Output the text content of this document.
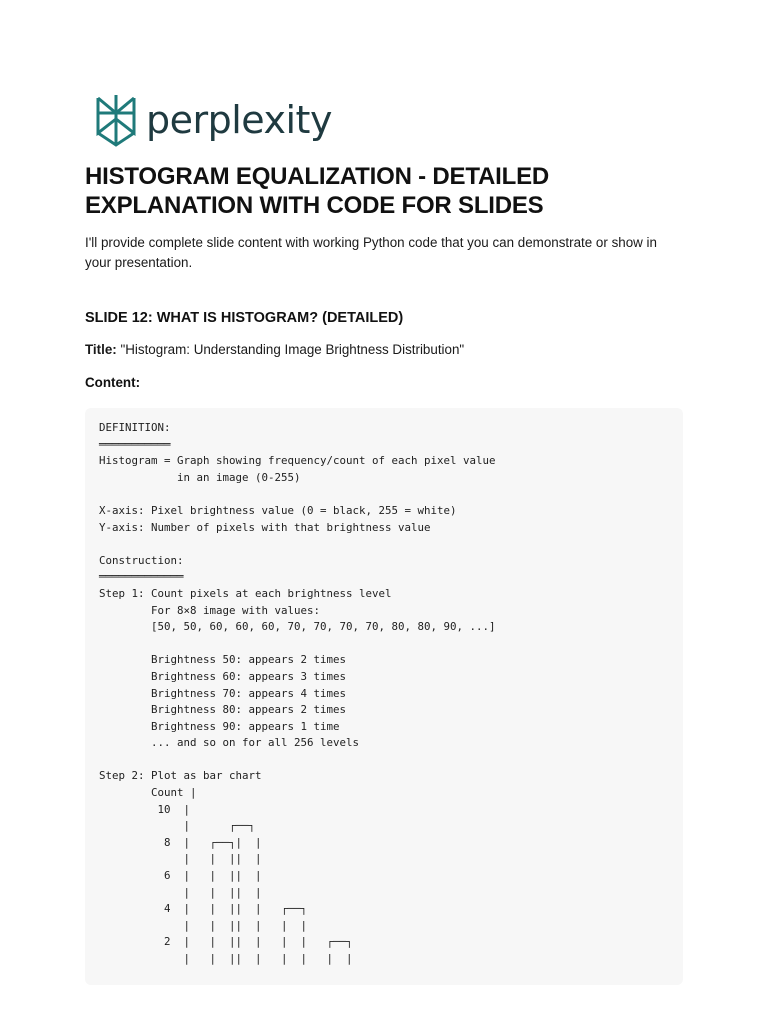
perplexity
HISTOGRAM EQUALIZATION - DETAILED EXPLANATION WITH CODE FOR SLIDES

I'll provide complete slide content with working Python code that you can demonstrate or show in your presentation.

SLIDE 12: WHAT IS HISTOGRAM? (DETAILED)

Title: "Histogram: Understanding Image Brightness Distribution"

Content:

DEFINITION:
═══════════
Histogram = Graph showing frequency/count of each pixel value
in an image (0-255)

X-axis: Pixel brightness value (0 = black, 255 = white)
Y-axis: Number of pixels with that brightness value

Construction:
═════════════
Step 1: Count pixels at each brightness level
For 8×8 image with values:
[50, 50, 60, 60, 60, 70, 70, 70, 70, 80, 80, 90, ...]

Brightness 50: appears 2 times
Brightness 60: appears 3 times
Brightness 70: appears 4 times
Brightness 80: appears 2 times
Brightness 90: appears 1 time
... and so on for all 256 levels

Step 2: Plot as bar chart
Count |
10  |
|      ┌──┐
8  |   ┌──┐|  |
|   |  ||  |
6  |   |  ||  |
|   |  ||  |
4  |   |  ||  |   ┌──┐
|   |  ||  |   |  |
2  |   |  ||  |   |  |   ┌──┐
|   |  ||  |   |  |   |  |
